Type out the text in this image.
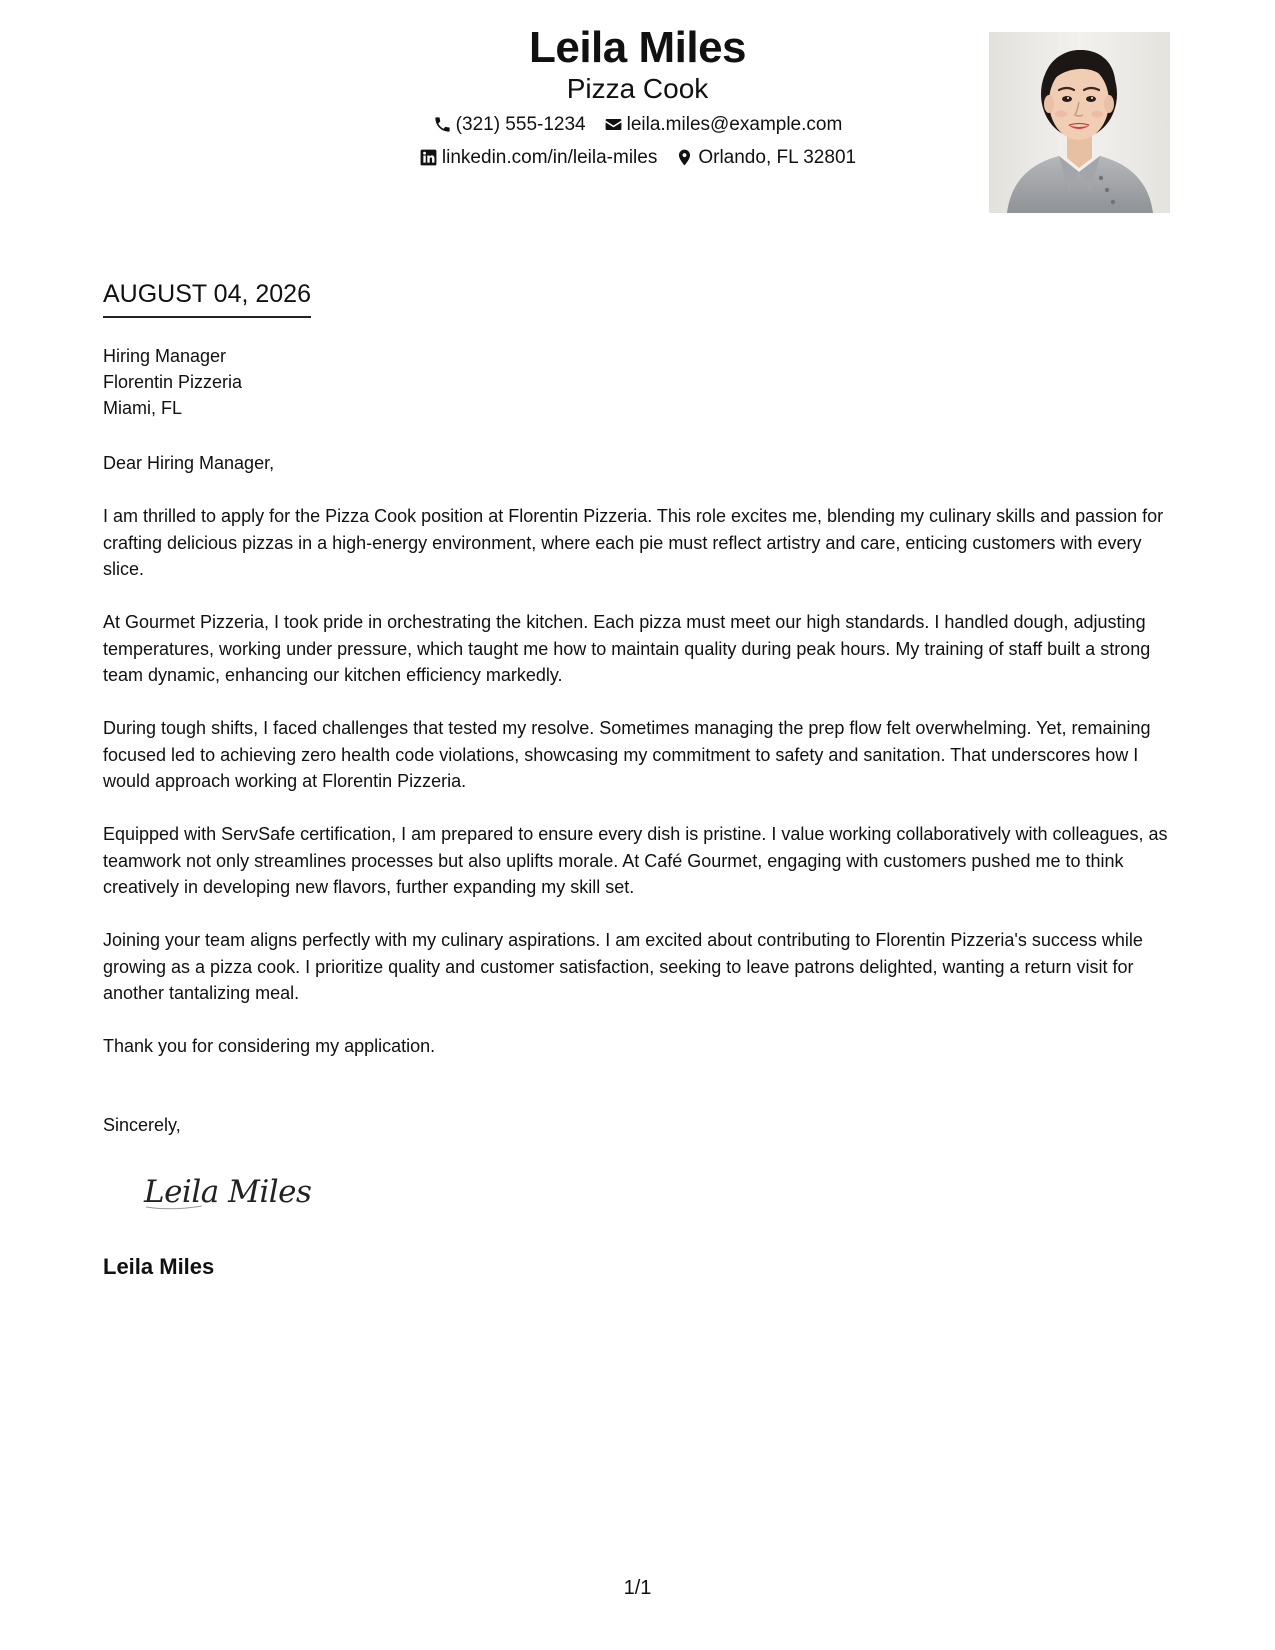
Leila Miles
Pizza Cook
(321) 555-1234 leila.miles@example.com
linkedin.com/in/leila-miles Orlando, FL 32801
AUGUST 04, 2026
Hiring Manager
Florentin Pizzeria
Miami, FL

Dear Hiring Manager,

I am thrilled to apply for the Pizza Cook position at Florentin Pizzeria. This role excites me, blending my culinary skills and passion for crafting delicious pizzas in a high-energy environment, where each pie must reflect artistry and care, enticing customers with every slice.

At Gourmet Pizzeria, I took pride in orchestrating the kitchen. Each pizza must meet our high standards. I handled dough, adjusting temperatures, working under pressure, which taught me how to maintain quality during peak hours. My training of staff built a strong team dynamic, enhancing our kitchen efficiency markedly.

During tough shifts, I faced challenges that tested my resolve. Sometimes managing the prep flow felt overwhelming. Yet, remaining focused led to achieving zero health code violations, showcasing my commitment to safety and sanitation. That underscores how I would approach working at Florentin Pizzeria.

Equipped with ServSafe certification, I am prepared to ensure every dish is pristine. I value working collaboratively with colleagues, as teamwork not only streamlines processes but also uplifts morale. At Café Gourmet, engaging with customers pushed me to think creatively in developing new flavors, further expanding my skill set.

Joining your team aligns perfectly with my culinary aspirations. I am excited about contributing to Florentin Pizzeria's success while growing as a pizza cook. I prioritize quality and customer satisfaction, seeking to leave patrons delighted, wanting a return visit for another tantalizing meal.

Thank you for considering my application.

Sincerely,
Leila Miles
Leila Miles
1/1
